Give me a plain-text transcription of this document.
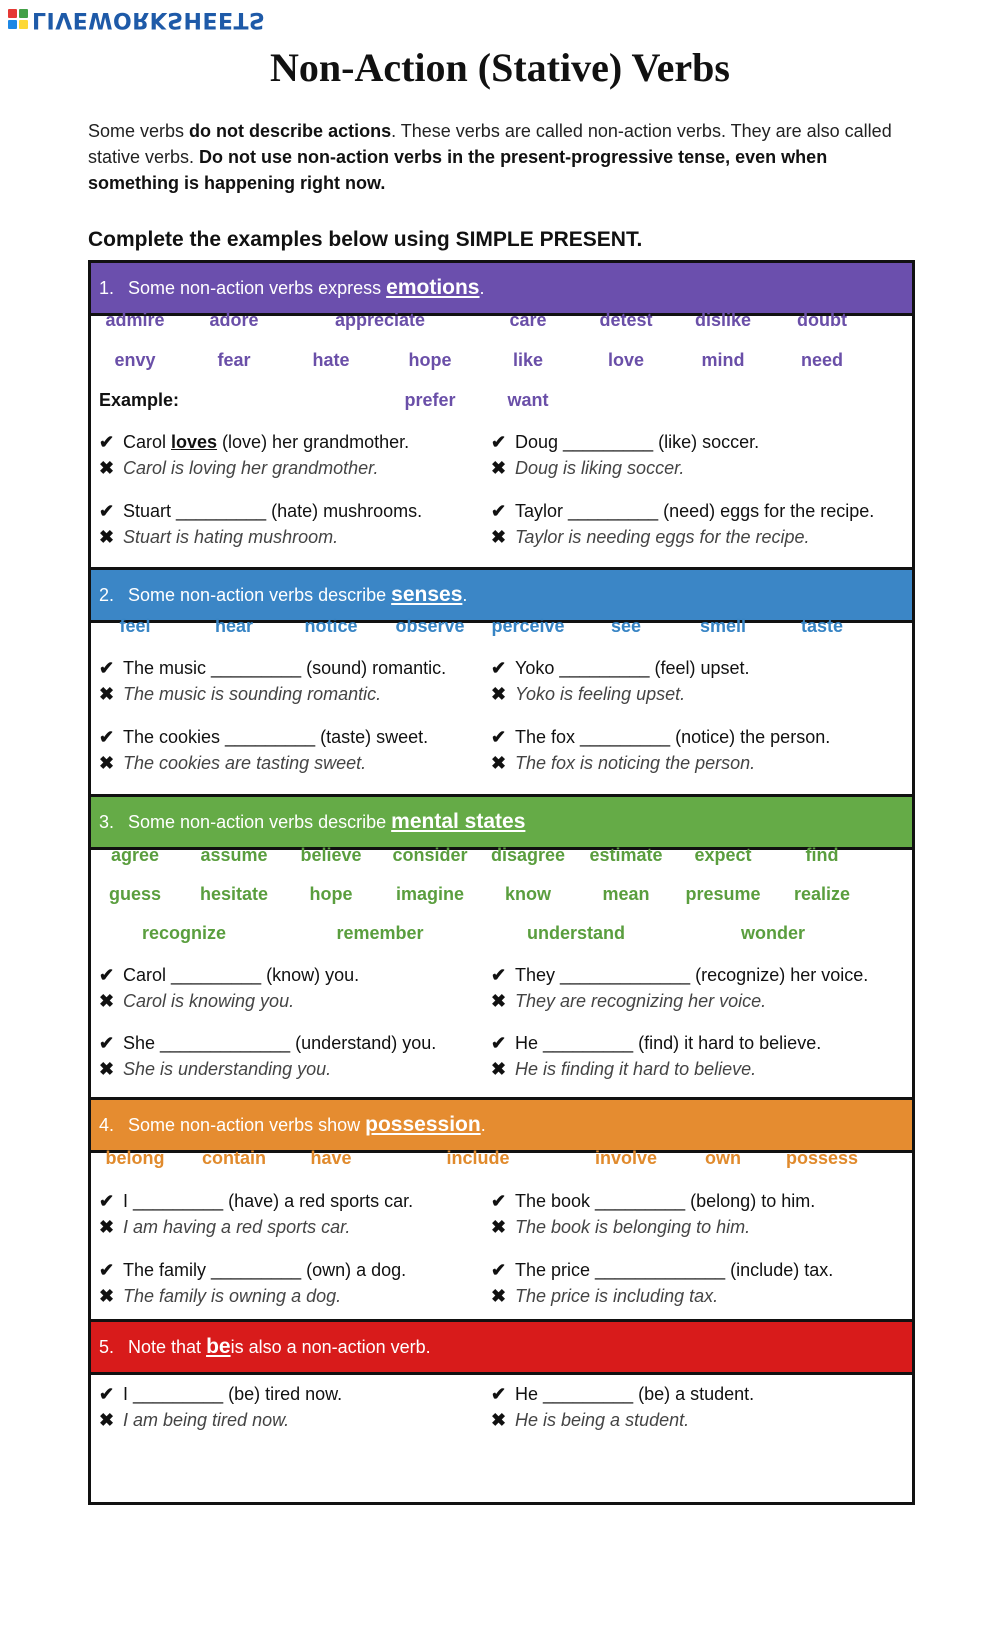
LIVEWORKSHEETS
Non-Action (Stative) Verbs
Some verbs do not describe actions. These verbs are called non-action verbs. They are also called stative verbs. Do not use non-action verbs in the present-progressive tense, even when something is happening right now.
Complete the examples below using SIMPLE PRESENT.
1. Some non-action verbs express emotions .
admire	adore	appreciate	care	detest	dislike	doubt
envy	fear	hate	hope	like	love	mind	need
prefer	want
Example:
✔ Carol loves (love) her grandmother.
✖ Carol is loving her grandmother.
✔ Doug _________ (like) soccer.
✖ Doug is liking soccer.
✔ Stuart _________ (hate) mushrooms.
✖ Stuart is hating mushroom.
✔ Taylor _________ (need) eggs for the recipe.
✖ Taylor is needing eggs for the recipe.
2. Some non-action verbs describe senses .
feel	hear	notice	observe	perceive	see	smell	taste
✔ The music _________ (sound) romantic.
✖ The music is sounding romantic.
✔ Yoko _________ (feel) upset.
✖ Yoko is feeling upset.
✔ The cookies _________ (taste) sweet.
✖ The cookies are tasting sweet.
✔ The fox _________ (notice) the person.
✖ The fox is noticing the person.
3. Some non-action verbs describe mental states
agree	assume	believe	consider	disagree	estimate	expect	find
guess	hesitate	hope	imagine	know	mean	presume	realize
recognize	remember	understand	wonder
✔ Carol _________ (know) you.
✖ Carol is knowing you.
✔ They _____________ (recognize) her voice.
✖ They are recognizing her voice.
✔ She _____________ (understand) you.
✖ She is understanding you.
✔ He _________ (find) it hard to believe.
✖ He is finding it hard to believe.
4. Some non-action verbs show possession .
belong	contain	have	include	involve	own	possess
✔ I _________ (have) a red sports car.
✖ I am having a red sports car.
✔ The book _________ (belong) to him.
✖ The book is belonging to him.
✔ The family _________ (own) a dog.
✖ The family is owning a dog.
✔ The price _____________ (include) tax.
✖ The price is including tax.
5. Note that be is also a non-action verb.
✔ I _________ (be) tired now.
✖ I am being tired now.
✔ He _________ (be) a student.
✖ He is being a student.
